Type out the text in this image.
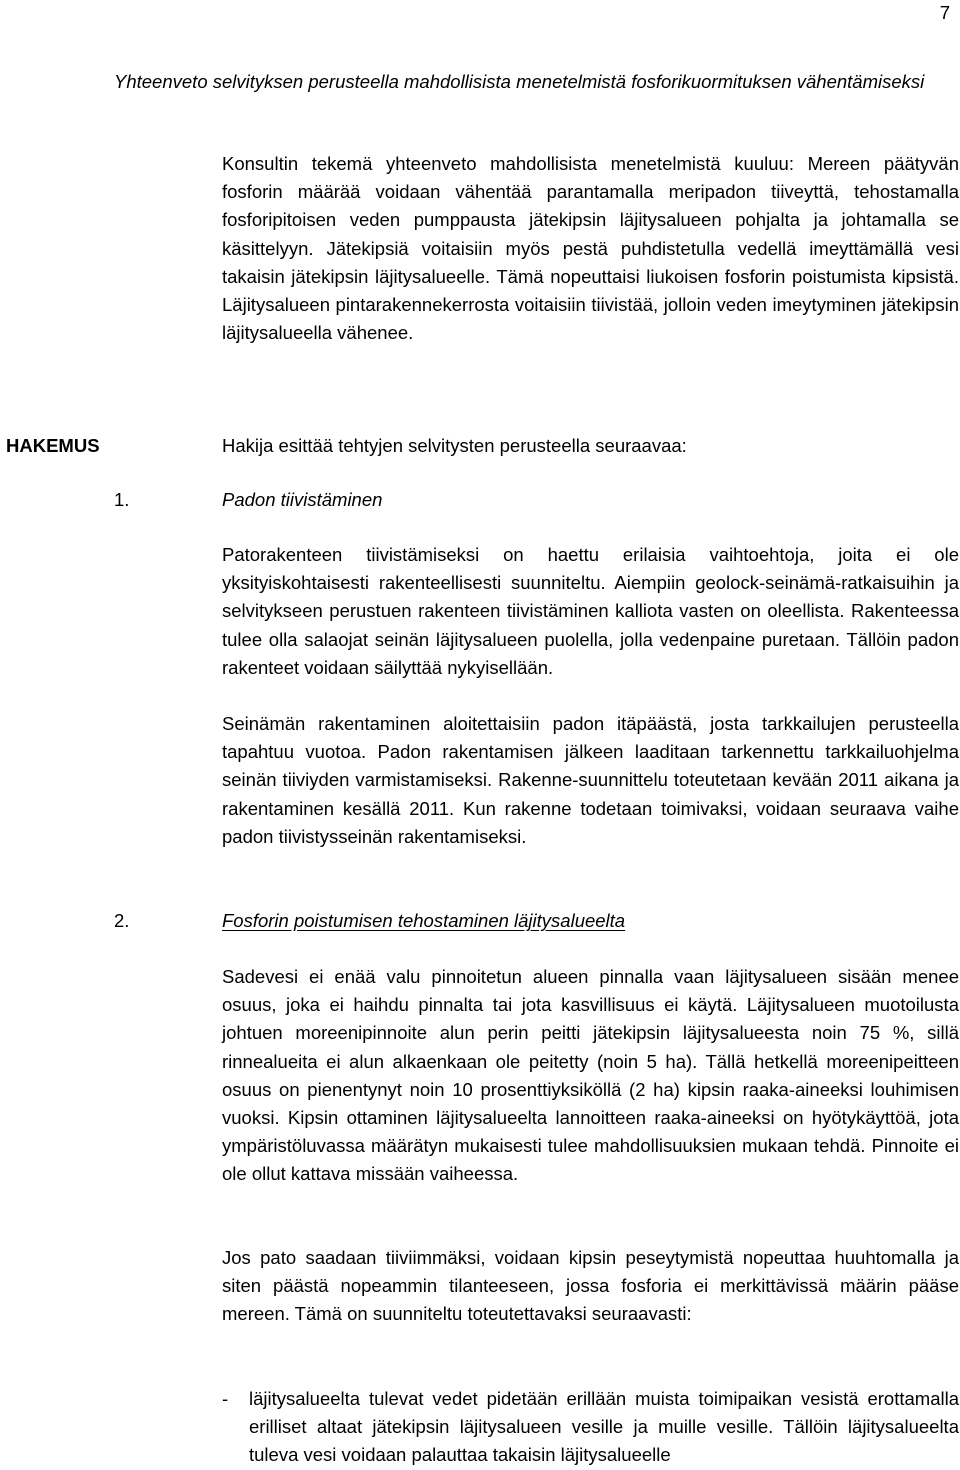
7
Yhteenveto selvityksen perusteella mahdollisista menetelmistä fosforikuormituksen vähentämiseksi

Konsultin tekemä yhteenveto mahdollisista menetelmistä kuuluu: Mereen päätyvän fosforin määrää voidaan vähentää parantamalla meripadon tiiveyttä, tehostamalla fosforipitoisen veden pumppausta jätekipsin läjitysalueen pohjalta ja johtamalla se käsittelyyn. Jätekipsiä voitaisiin myös pestä puhdistetulla vedellä imeyttämällä vesi takaisin jätekipsin läjitysalueelle. Tämä nopeuttaisi liukoisen fosforin poistumista kipsistä. Läjitysalueen pintarakennekerrosta voitaisiin tiivistää, jolloin veden imeytyminen jätekipsin läjitysalueella vähenee.

HAKEMUS	Hakija esittää tehtyjen selvitysten perusteella seuraavaa:
1.	Padon tiivistäminen

Patorakenteen tiivistämiseksi on haettu erilaisia vaihtoehtoja, joita ei ole yksityiskohtaisesti rakenteellisesti suunniteltu. Aiempiin geolock-seinämä-ratkaisuihin ja selvitykseen perustuen rakenteen tiivistäminen kalliota vasten on oleellista. Rakenteessa tulee olla salaojat seinän läjitysalueen puolella, jolla vedenpaine puretaan. Tällöin padon rakenteet voidaan säilyttää nykyisellään.

Seinämän rakentaminen aloitettaisiin padon itäpäästä, josta tarkkailujen perusteella tapahtuu vuotoa. Padon rakentamisen jälkeen laaditaan tarkennettu tarkkailuohjelma seinän tiiviyden varmistamiseksi. Rakenne-suunnittelu toteutetaan kevään 2011 aikana ja rakentaminen kesällä 2011. Kun rakenne todetaan toimivaksi, voidaan seuraava vaihe padon tiivistysseinän rakentamiseksi.

2.	Fosforin poistumisen tehostaminen läjitysalueelta

Sadevesi ei enää valu pinnoitetun alueen pinnalla vaan läjitysalueen sisään menee osuus, joka ei haihdu pinnalta tai jota kasvillisuus ei käytä. Läjitysalueen muotoilusta johtuen moreenipinnoite alun perin peitti jätekipsin läjitysalueesta noin 75 %, sillä rinnealueita ei alun alkaenkaan ole peitetty (noin 5 ha). Tällä hetkellä moreenipeitteen osuus on pienentynyt noin 10 prosenttiyksiköllä (2 ha) kipsin raaka-aineeksi louhimisen vuoksi. Kipsin ottaminen läjitysalueelta lannoitteen raaka-aineeksi on hyötykäyttöä, jota ympäristöluvassa määrätyn mukaisesti tulee mahdollisuuksien mukaan tehdä. Pinnoite ei ole ollut kattava missään vaiheessa.

Jos pato saadaan tiiviimmäksi, voidaan kipsin peseytymistä nopeuttaa huuhtomalla ja siten päästä nopeammin tilanteeseen, jossa fosforia ei merkittävissä määrin pääse mereen. Tämä on suunniteltu toteutettavaksi seuraavasti:

- läjitysalueelta tulevat vedet pidetään erillään muista toimipaikan vesistä erottamalla erilliset altaat jätekipsin läjitysalueen vesille ja muille vesille. Tällöin läjitysalueelta tuleva vesi voidaan palauttaa takaisin läjitysalueelle
